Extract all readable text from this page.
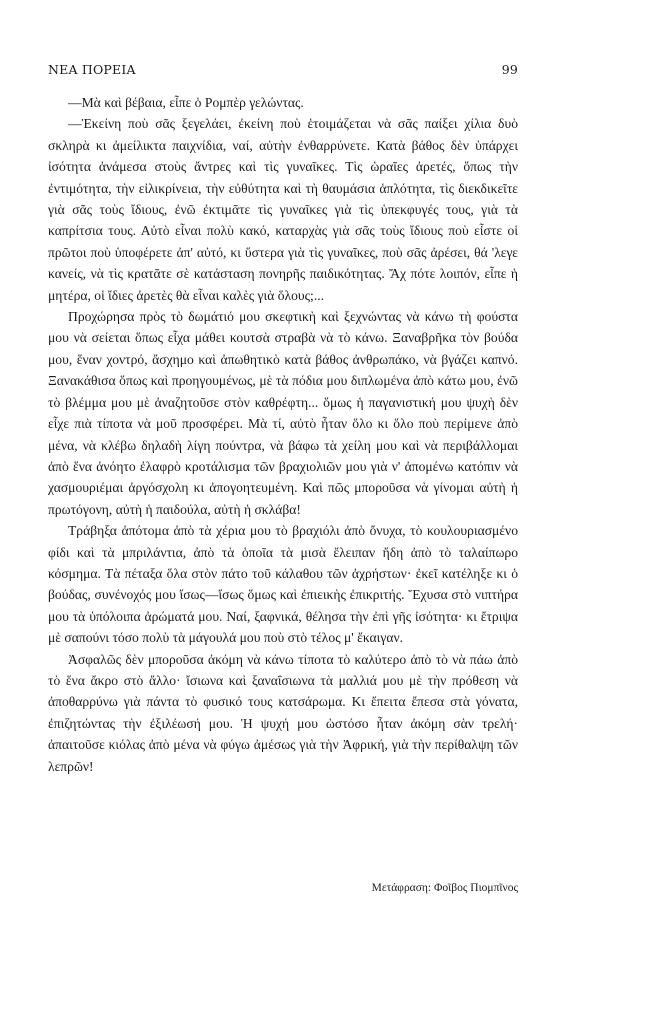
ΝΕΑ ΠΟΡΕΙΑ	99

—Μὰ καὶ βέβαια, εἶπε ὁ Ρομπὲρ γελώντας.

—Ἐκείνη ποὺ σᾶς ξεγελάει, ἐκείνη ποὺ ἑτοιμάζεται νὰ σᾶς παίξει χίλια δυὸ σκληρὰ κι ἀμείλικτα παιχνίδια, ναί, αὐτὴν ἐνθαρρύνετε. Κατὰ βάθος δὲν ὑπάρχει ἰσότητα ἀνάμεσα στοὺς ἄντρες καὶ τὶς γυναῖκες. Τὶς ὡραῖες ἀρετές, ὅπως τὴν ἐντιμότητα, τὴν εἰλικρίνεια, τὴν εὐθύτητα καὶ τὴ θαυμάσια ἁπλότητα, τὶς διεκδικεῖτε γιὰ σᾶς τοὺς ἴδιους, ἐνῶ ἐκτιμᾶτε τὶς γυναῖκες γιὰ τὶς ὑπεκφυγές τους, γιὰ τὰ καπρίτσια τους. Αὐτὸ εἶναι πολὺ κακό, καταρχὰς γιὰ σᾶς τοὺς ἴδιους ποὺ εἶστε οἱ πρῶτοι ποὺ ὑποφέρετε ἀπ' αὐτό, κι ὕστερα γιὰ τὶς γυναῖκες, ποὺ σᾶς ἀρέσει, θά 'λεγε κανείς, νὰ τὶς κρατᾶτε σὲ κατάσταση πονηρῆς παιδικότητας. Ἄχ πότε λοιπόν, εἶπε ἡ μητέρα, οἱ ἴδιες ἀρετὲς θὰ εἶναι καλὲς γιὰ ὅλους;...

Προχώρησα πρὸς τὸ δωμάτιό μου σκεφτικὴ καὶ ξεχνώντας νὰ κάνω τὴ φούστα μου νὰ σείεται ὅπως εἶχα μάθει κουτσὰ στραβὰ νὰ τὸ κάνω. Ξαναβρῆκα τὸν βούδα μου, ἕναν χοντρό, ἄσχημο καὶ ἀπωθητικὸ κατὰ βάθος ἀνθρωπάκο, νὰ βγάζει καπνό. Ξανακάθισα ὅπως καὶ προηγουμένως, μὲ τὰ πόδια μου διπλωμένα ἀπὸ κάτω μου, ἐνῶ τὸ βλέμμα μου μὲ ἀναζητοῦσε στὸν καθρέφτη... ὅμως ἡ παγανιστική μου ψυχὴ δὲν εἶχε πιὰ τίποτα νὰ μοῦ προσφέρει. Μὰ τί, αὐτὸ ἦταν ὅλο κι ὅλο ποὺ περίμενε ἀπὸ μένα, νὰ κλέβω δηλαδὴ λίγη πούντρα, νὰ βάφω τὰ χείλη μου καὶ νὰ περιβάλλομαι ἀπὸ ἕνα ἀνόητο ἐλαφρὸ κροτάλισμα τῶν βραχιολιῶν μου γιὰ ν' ἀπομένω κατόπιν νὰ χασμουριέμαι ἀργόσχολη κι ἀπογοητευμένη. Καὶ πῶς μποροῦσα νὰ γίνομαι αὐτὴ ἡ πρωτόγονη, αὐτὴ ἡ παιδούλα, αὐτὴ ἡ σκλάβα!

Τράβηξα ἀπότομα ἀπὸ τὰ χέρια μου τὸ βραχιόλι ἀπὸ ὄνυχα, τὸ κουλουριασμένο φίδι καὶ τὰ μπριλάντια, ἀπὸ τὰ ὁποῖα τὰ μισὰ ἔλειπαν ἤδη ἀπὸ τὸ ταλαίπωρο κόσμημα. Τὰ πέταξα ὅλα στὸν πάτο τοῦ κάλαθου τῶν ἀχρήστων· ἐκεῖ κατέληξε κι ὁ βούδας, συνένοχός μου ἴσως—ἴσως ὅμως καὶ ἐπιεικὴς ἐπικριτής. Ἔχυσα στὸ νιπτήρα μου τὰ ὑπόλοιπα ἀρώματά μου. Ναί, ξαφνικά, θέλησα τὴν ἐπὶ γῆς ἰσότητα· κι ἔτριψα μὲ σαπούνι τόσο πολὺ τὰ μάγουλά μου ποὺ στὸ τέλος μ' ἔκαιγαν.

Ἀσφαλῶς δὲν μποροῦσα ἀκόμη νὰ κάνω τίποτα τὸ καλύτερο ἀπὸ τὸ νὰ πάω ἀπὸ τὸ ἕνα ἄκρο στὸ ἄλλο· ἴσιωνα καὶ ξαναΐσιωνα τὰ μαλλιά μου μὲ τὴν πρόθεση νὰ ἀποθαρρύνω γιὰ πάντα τὸ φυσικό τους κατσάρωμα. Κι ἔπειτα ἔπεσα στὰ γόνατα, ἐπιζητώντας τὴν ἐξιλέωσή μου. Ἡ ψυχή μου ὡστόσο ἦταν ἀκόμη σὰν τρελή· ἀπαιτοῦσε κιόλας ἀπὸ μένα νὰ φύγω ἀμέσως γιὰ τὴν Ἀφρική, γιὰ τὴν περίθαλψη τῶν λεπρῶν!

Μετάφραση: Φοῖβος Πιομπῖνος
